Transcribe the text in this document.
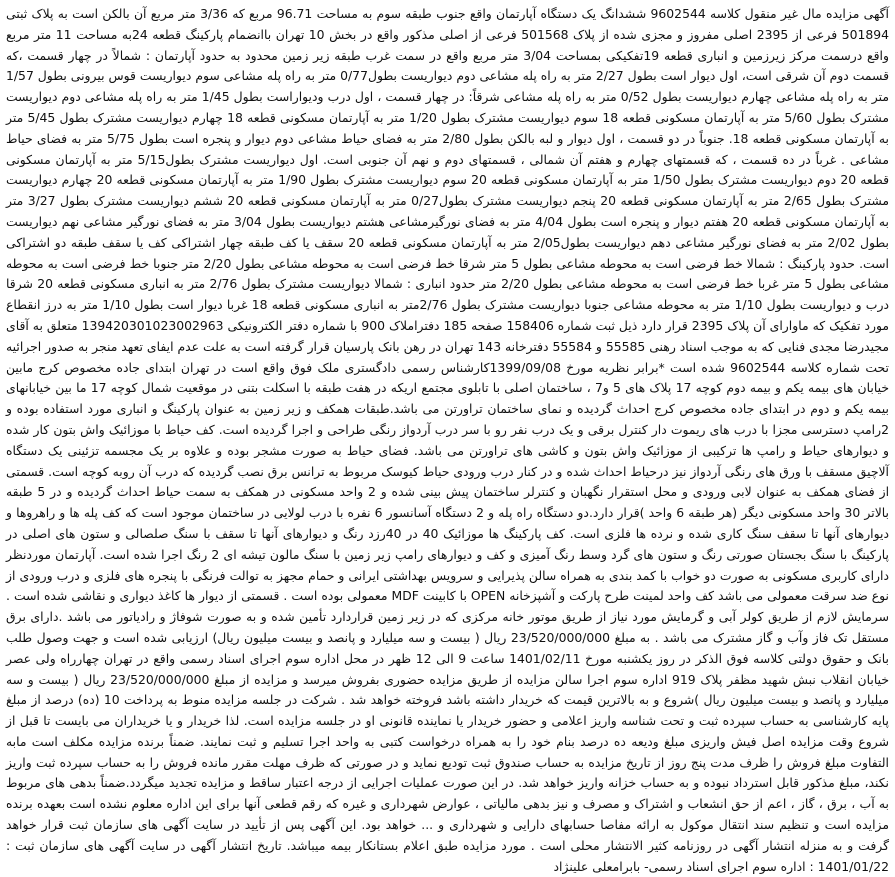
آگهی مزایده مال غیر منقول کلاسه 9602544 ششدانگ یک دستگاه آپارتمان واقع جنوب طبقه سوم به مساحت 96.71 مربع که 3/36 متر مربع آن بالکن است به پلاک ثبتی 501894 فرعی از 2395 اصلی مفروز و مجزی شده از پلاک 501568 فرعی از اصلی مذکور واقع در بخش 10 تهران باانضمام پارکینگ قطعه 24به مساحت 11 متر مربع واقع درسمت مرکز زیرزمین و انباری قطعه 19تفکیکی بمساحت 3/04 متر مربع واقع در سمت غرب طبقه زیر زمین محدود به حدود آپارتمان : شمالاً در چهار قسمت ،که قسمت دوم آن شرقی است، اول دیوار است بطول 2/27 متر به راه پله مشاعی دوم دیواریست بطول0/77 متر به راه پله مشاعی سوم دیواریست قوس بیرونی بطول 1/57 متر به راه پله مشاعی چهارم دیواریست بطول 0/52 متر به راه پله مشاعی شرقاً: در چهار قسمت ، اول درب ودیواراست بطول 1/45 متر به راه پله مشاعی دوم دیواریست مشترک بطول 5/60 متر به آپارتمان مسکونی قطعه 18 سوم دیواریست مشترک بطول 1/20 متر به آپارتمان مسکونی قطعه 18 چهارم دیواریست مشترک بطول 5/45 متر به آپارتمان مسکونی قطعه 18. جنوباً در دو قسمت ، اول دیوار و لبه بالکن بطول 2/80 متر به فضای حیاط مشاعی دوم دیوار و پنجره است بطول 5/75 متر به فضای حیاط مشاعی . غرباً در ده قسمت ، که قسمتهای چهارم و هفتم آن شمالی ، قسمتهای دوم و نهم آن جنوبی است. اول دیواریست مشترک بطول5/15 متر به آپارتمان مسکونی قطعه 20 دوم دیواریست مشترک بطول 1/50 متر به آپارتمان مسکونی قطعه 20 سوم دیواریست مشترک بطول 1/90 متر به آپارتمان مسکونی قطعه 20 چهارم دیواریست مشترک بطول 2/65 متر به آپارتمان مسکونی قطعه 20 پنجم دیواریست مشترک بطول0/27 متر به آپارتمان مسکونی قطعه 20 ششم دیواریست مشترک بطول 3/27 متر به آپارتمان مسکونی قطعه 20 هفتم دیوار و پنجره است بطول 4/04 متر به فضای نورگیرمشاعی هشتم دیواریست بطول 3/04 متر به فضای نورگیر مشاعی نهم دیواریست بطول 2/02 متر به فضای نورگیر مشاعی دهم دیواریست بطول2/05 متر به آپارتمان مسکونی قطعه 20 سقف یا کف طبقه چهار اشتراکی کف یا سقف طبقه دو اشتراکی است. حدود پارکینگ : شمالا خط فرضی است به محوطه مشاعی بطول 5 متر شرقا خط فرضی است به محوطه مشاعی بطول 2/20 متر جنوبا خط فرضی است به محوطه مشاعی بطول 5 متر غربا خط فرضی است به محوطه مشاعی بطول 2/20 متر حدود انباری : شمالا دیواریست مشترک بطول 2/76 متر به انباری مسکونی قطعه 20 شرقا درب و دیواریست بطول 1/10 متر به محوطه مشاعی جنوبا دیواریست مشترک بطول 2/76متر به انباری مسکونی قطعه 18 غربا دیوار است بطول 1/10 متر به درز انقطاع مورد تفکیک که ماوارای آن پلاک 2395 قرار دارد ذیل ثبت شماره 158406 صفحه 185 دفتراملاک 900 با شماره دفتر الکترونیکی 139420301023002963 متعلق به آقای مجیدرضا مجدی فنایی که به موجب اسناد رهنی 55585 و 55584 دفترخانه 143 تهران در رهن بانک پارسیان قرار گرفته است به علت عدم ایفای تعهد منجر به صدور اجرائیه تحت شماره کلاسه 9602544 شده است *برابر نظریه مورخ 1399/09/08کارشناس رسمی دادگستری ملک فوق واقع است در تهران ابتدای جاده مخصوص کرج مابین خیابان های بیمه یکم و بیمه دوم کوچه 17 پلاک های 5 و7 ، ساختمان اصلی با تابلوی مجتمع اریکه در هفت طبقه با اسکلت بتنی در موقعیت شمال کوچه 17 ما بین خیابانهای بیمه یکم و دوم در ابتدای جاده مخصوص کرج احداث گردیده و نمای ساختمان تراورتن می باشد.طبقات همکف و زیر زمین به عنوان پارکینگ و انباری مورد استفاده بوده و 2رامپ دسترسی مجزا با درب های ریموت دار کنترل برقی و یک درب نفر رو با سر درب آردواز رنگی طراحی و اجرا گردیده است. کف حیاط با موزائیک واش بتون کار شده و دیوارهای حیاط و رامپ ها ترکیبی از موزائیک واش بتون و کاشی های تراورتن می باشد. فضای حیاط به صورت مشجر بوده و علاوه بر یک مجسمه تزئینی یک دستگاه آلاچیق مسقف با ورق های رنگی آردواز نیز درحیاط احداث شده و در کنار درب ورودی حیاط کیوسک مربوط به ترانس برق نصب گردیده که درب آن روبه کوچه است. قسمتی از فضای همکف به عنوان لابی ورودی و محل استقرار نگهبان و کنترلر ساختمان پیش بینی شده و 2 واحد مسکونی در همکف به سمت حیاط احداث گردیده و در 5 طبقه بالاتر 30 واحد مسکونی دیگر (هر طبقه 6 واحد )قرار دارد.دو دستگاه راه پله و 2 دستگاه آسانسور 6 نفره با درب لولایی در ساختمان موجود است که کف پله ها و راهروها و دیوارهای آنها تا سقف سنگ کاری شده و نرده ها فلزی است. کف پارکینگ ها موزائیک 40 در 40رزد رنگ و دیوارهای آنها تا سقف با سنگ صلصالی و ستون های اصلی در پارکینگ با سنگ بجستان صورتی رنگ و ستون های گرد وسط رنگ آمیزی و کف و دیوارهای رامپ زیر زمین با سنگ مالون تیشه ای 2 رنگ اجرا شده است. آپارتمان موردنظر دارای کاربری مسکونی به صورت دو خواب با کمد بندی به همراه سالن پذیرایی و سرویس بهداشتی ایرانی و حمام مجهز به توالت فرنگی با پنجره های فلزی و درب ورودی از نوع ضد سرقت معمولی می باشد کف واحد لمینت طرح پارکت و آشپزخانه OPEN با کابینت MDF معمولی بوده است . قسمتی از دیوار ها کاغذ دیواری و نقاشی شده است . سرمایش لازم از طریق کولر آبی و گرمایش مورد نیاز از طریق موتور خانه مرکزی که در زیر زمین قراردارد تأمین شده و به صورت شوفاژ و رادیاتور می باشد .دارای برق مستقل تک فاز وآب و گاز مشترک می باشد . به مبلغ 23/520/000/000 ریال ( بیست و سه میلیارد و پانصد و بیست میلیون ریال) ارزیابی شده است و جهت وصول طلب بانک و حقوق دولتی کلاسه فوق الذکر در روز یکشنبه مورخ 1401/02/11 ساعت 9 الی 12 ظهر در محل اداره سوم اجرای اسناد رسمی واقع در تهران چهارراه ولی عصر خیابان انقلاب نبش شهید مظفر پلاک 919 اداره سوم اجرا سالن مزایده از طریق مزایده حضوری بفروش میرسد و مزایده از مبلغ 23/520/000/000 ریال ( بیست و سه میلیارد و پانصد و بیست میلیون ریال )شروع و به بالاترین قیمت که خریدار داشته باشد فروخته خواهد شد . شرکت در جلسه مزایده منوط به پرداخت 10 (ده) درصد از مبلغ پایه کارشناسی به حساب سپرده ثبت و تحت شناسه واریز اعلامی و حضور خریدار یا نماینده قانونی او در جلسه مزایده است. لذا خریدار و یا خریداران می بایست تا قبل از شروع وقت مزایده اصل فیش واریزی مبلغ ودیعه ده درصد بنام خود را به همراه درخواست کتبی به واحد اجرا تسلیم و ثبت نمایند. ضمناً برنده مزایده مکلف است مابه التفاوت مبلغ فروش را ظرف مدت پنج روز از تاریخ مزایده به حساب صندوق ثبت تودیع نماید و در صورتی که ظرف مهلت مقرر مانده فروش را به حساب سپرده ثبت واریز نکند، مبلغ مذکور قابل استرداد نبوده و به حساب خزانه واریز خواهد شد. در این صورت عملیات اجرایی از درجه اعتبار ساقط و مزایده تجدید میگردد.ضمناً بدهی های مربوط به آب ، برق ، گاز ، اعم از حق انشعاب و اشتراک و مصرف و نیز بدهی مالیاتی ، عوارض شهرداری و غیره که رقم قطعی آنها برای این اداره معلوم نشده است بعهده برنده مزایده است و تنظیم سند انتقال موکول به ارائه مفاصا حسابهای دارایی و شهرداری و ... خواهد بود. این آگهی پس از تأیید در سایت آگهی های سازمان ثبت قرار خواهد گرفت و به منزله انتشار آگهی در روزنامه کثیر الانتشار محلی است . مورد مزایده طبق اعلام بستانکار بیمه میباشد. تاریخ انتشار آگهی در سایت آگهی های سازمان ثبت : 1401/01/22 : اداره سوم اجرای اسناد رسمی- بابرامعلی علینژاد
